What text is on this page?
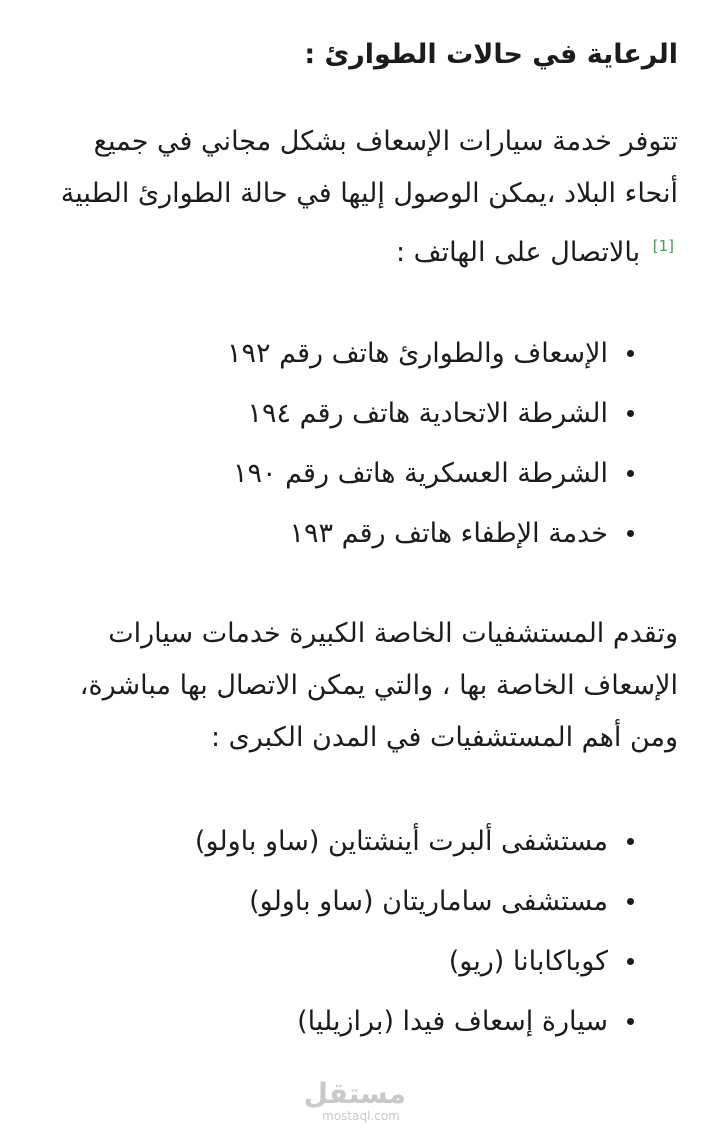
الرعاية في حالات الطوارئ :

تتوفر خدمة سيارات الإسعاف بشكل مجاني في جميع أنحاء البلاد ،يمكن الوصول إليها في حالة الطوارئ الطبية [1] بالاتصال على الهاتف :

الإسعاف والطوارئ هاتف رقم ١٩٢
الشرطة الاتحادية هاتف رقم ١٩٤
الشرطة العسكرية هاتف رقم ١٩٠
خدمة الإطفاء هاتف رقم ١٩٣

وتقدم المستشفيات الخاصة الكبيرة خدمات سيارات الإسعاف الخاصة بها ، والتي يمكن الاتصال بها مباشرة، ومن أهم المستشفيات في المدن الكبرى :

مستشفى ألبرت أينشتاين (ساو باولو)
مستشفى ساماريتان (ساو باولو)
كوباكابانا (ريو)
سيارة إسعاف فيدا (برازيليا)
مستقل
mostaql.com
